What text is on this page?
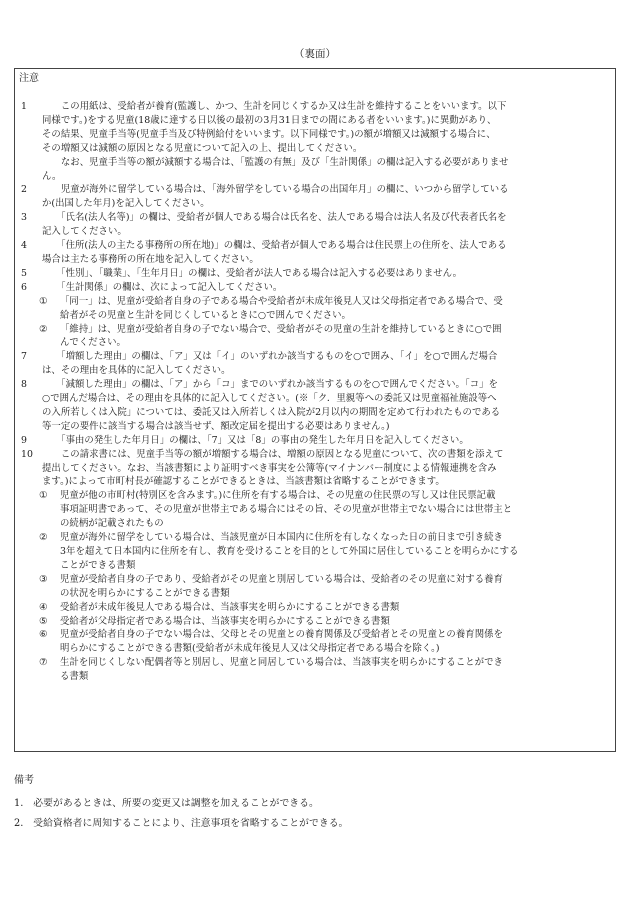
（裏面）
注意
1 　　この用紙は、受給者が養育(監護し、かつ、生計を同じくするか又は生計を維持することをいいます。以下

同様です。)をする児童(18歳に達する日以後の最初の3月31日までの間にある者をいいます。)に異動があり、

その結果、児童手当等(児童手当及び特例給付をいいます。以下同様です。)の額が増額又は減額する場合に、

その増額又は減額の原因となる児童について記入の上、提出してください。

　　なお、児童手当等の額が減額する場合は、「監護の有無」及び「生計関係」の欄は記入する必要がありませ

ん。

2 　　児童が海外に留学している場合は、「海外留学をしている場合の出国年月」の欄に、いつから留学している

か(出国した年月)を記入してください。

3 　　「氏名(法人名等)」の欄は、受給者が個人である場合は氏名を、法人である場合は法人名及び代表者氏名を

記入してください。

4 　　「住所(法人の主たる事務所の所在地)」の欄は、受給者が個人である場合は住民票上の住所を、法人である

場合は主たる事務所の所在地を記入してください。

5 　　「性別」、「職業」、「生年月日」の欄は、受給者が法人である場合は記入する必要はありません。

6 　　「生計関係」の欄は、次によって記入してください。

① 「同一」は、児童が受給者自身の子である場合や受給者が未成年後見人又は父母指定者である場合で、受

給者がその児童と生計を同じくしているときに○で囲んでください。

② 「維持」は、児童が受給者自身の子でない場合で、受給者がその児童の生計を維持しているときに○で囲

んでください。

7 　　「増額した理由」の欄は、「ア」又は「イ」のいずれか該当するものを○で囲み、「イ」を○で囲んだ場合

は、その理由を具体的に記入してください。

8 　　「減額した理由」の欄は、「ア」から「コ」までのいずれか該当するものを○で囲んでください。「コ」を

○で囲んだ場合は、その理由を具体的に記入してください。(※「ク．里親等への委託又は児童福祉施設等へ

の入所若しくは入院」については、委託又は入所若しくは入院が2月以内の期間を定めて行われたものである

等一定の要件に該当する場合は該当せず、額改定届を提出する必要はありません。)

9 　　「事由の発生した年月日」の欄は、「7」又は「8」の事由の発生した年月日を記入してください。

10 　　この請求書には、児童手当等の額が増額する場合は、増額の原因となる児童について、次の書類を添えて

提出してください。なお、当該書類により証明すべき事実を公簿等(マイナンバー制度による情報連携を含み

ます。)によって市町村長が確認することができるときは、当該書類は省略することができます。

① 児童が他の市町村(特別区を含みます。)に住所を有する場合は、その児童の住民票の写し又は住民票記載

事項証明書であって、その児童が世帯主である場合にはその旨、その児童が世帯主でない場合には世帯主と

の続柄が記載されたもの

② 児童が海外に留学をしている場合は、当該児童が日本国内に住所を有しなくなった日の前日まで引き続き

3年を超えて日本国内に住所を有し、教育を受けることを目的として外国に居住していることを明らかにする

ことができる書類

③ 児童が受給者自身の子であり、受給者がその児童と別居している場合は、受給者のその児童に対する養育

の状況を明らかにすることができる書類

④ 受給者が未成年後見人である場合は、当該事実を明らかにすることができる書類

⑤ 受給者が父母指定者である場合は、当該事実を明らかにすることができる書類

⑥ 児童が受給者自身の子でない場合は、父母とその児童との養育関係及び受給者とその児童との養育関係を

明らかにすることができる書類(受給者が未成年後見人又は父母指定者である場合を除く。)

⑦ 生計を同じくしない配偶者等と別居し、児童と同居している場合は、当該事実を明らかにすることができ

る書類

備考
1.　必要があるときは、所要の変更又は調整を加えることができる。
2.　受給資格者に周知することにより、注意事項を省略することができる。
